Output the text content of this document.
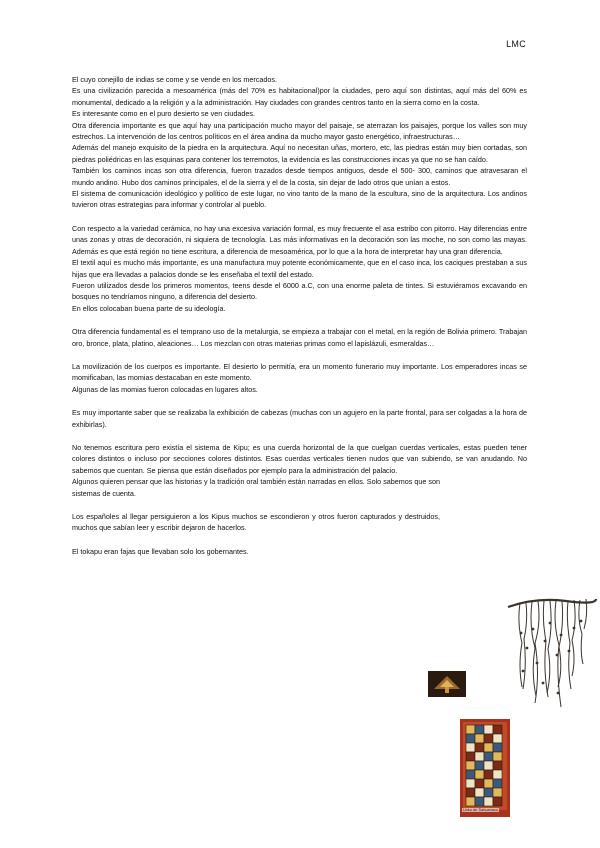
LMC

El cuyo conejillo de indias se come y se vende en los mercados.

Es una civilización parecida a mesoamérica (más del 70% es habitacional)por la ciudades, pero aquí son distintas, aquí más del 60% es monumental, dedicado a la religión y a la administración. Hay ciudades con grandes centros tanto en la sierra como en la costa.

Es interesante como en el puro desierto se ven ciudades.

Otra diferencia importante es que aquí hay una participación mucho mayor del paisaje, se aterrazan los paisajes, porque los valles son muy estrechos. La intervención de los centros políticos en el área andina da mucho mayor gasto energético, infraestructuras…

Además del manejo exquisito de la piedra en la arquitectura. Aquí no necesitan uñas, mortero, etc, las piedras están muy bien cortadas, son piedras poliédricas en las esquinas para contener los terremotos, la evidencia es las construcciones incas ya que no se han caído.

También los caminos incas son otra diferencia, fueron trazados desde tiempos antiguos, desde el 500- 300, caminos que atravesaran el mundo andino. Hubo dos caminos principales, el de la sierra y el de la costa, sin dejar de lado otros que unían a estos.

El sistema de comunicación ideológico y político de este lugar, no vino tanto de la mano de la escultura, sino de la arquitectura. Los andinos tuvieron otras estrategias para informar y controlar al pueblo.

Con respecto a la variedad cerámica, no hay una excesiva variación formal, es muy frecuente el asa estribo con pitorro. Hay diferencias entre unas zonas y otras de decoración, ni siquiera de tecnología. Las más informativas en la decoración son las moche, no son como las mayas. Además es que está región no tiene escritura, a diferencia de mesoamérica, por lo que a la hora de interpretar hay una gran diferencia.

El textil aquí es mucho más importante, es una manufactura muy potente económicamente, que en el caso inca, los caciques prestaban a sus hijas que era llevadas a palacios donde se les enseñaba el textil del estado.

Fueron utilizados desde los primeros momentos, teens desde el 6000 a.C, con una enorme paleta de tintes. Si estuviéramos excavando en bosques no tendríamos ninguno, a diferencia del desierto.

En ellos colocaban buena parte de su ideología.

Otra diferencia fundamental es el temprano uso de la metalurgia, se empieza a trabajar con el metal, en la región de Bolivia primero. Trabajan oro, bronce, plata, platino, aleaciones… Los mezclan con otras materias primas como el lapislázuli, esmeraldas…

La movilización de los cuerpos es importante. El desierto lo permitía, era un momento funerario muy importante. Los emperadores incas se momificaban, las momias destacaban en este momento.

Algunas de las momias fueron colocadas en lugares altos.

Es muy importante saber que se realizaba la exhibición de cabezas (muchas con un agujero en la parte frontal, para ser colgadas a la hora de exhibirlas).

No tenemos escritura pero existía el sistema de Kipu; es una cuerda horizontal de la que cuelgan cuerdas verticales, estas pueden tener colores distintos o incluso por secciones colores distintos. Esas cuerdas verticales tienen nudos que van subiendo, se van anudando. No sabemos que cuentan. Se piensa que están diseñados por ejemplo para la administración del palacio.

Algunos quieren pensar que las historias y la tradición oral también están narradas en ellos. Solo sabemos que son sistemas de cuenta.

Los españoles al llegar persiguieron a los Kipus muchos se escondieron y otros fueron capturados y destruidos, muchos que sabían leer y escribir dejaron de hacerlos.

El tokapu eran fajas que llevaban solo los gobernantes.

Unku de Tiahuanaco
